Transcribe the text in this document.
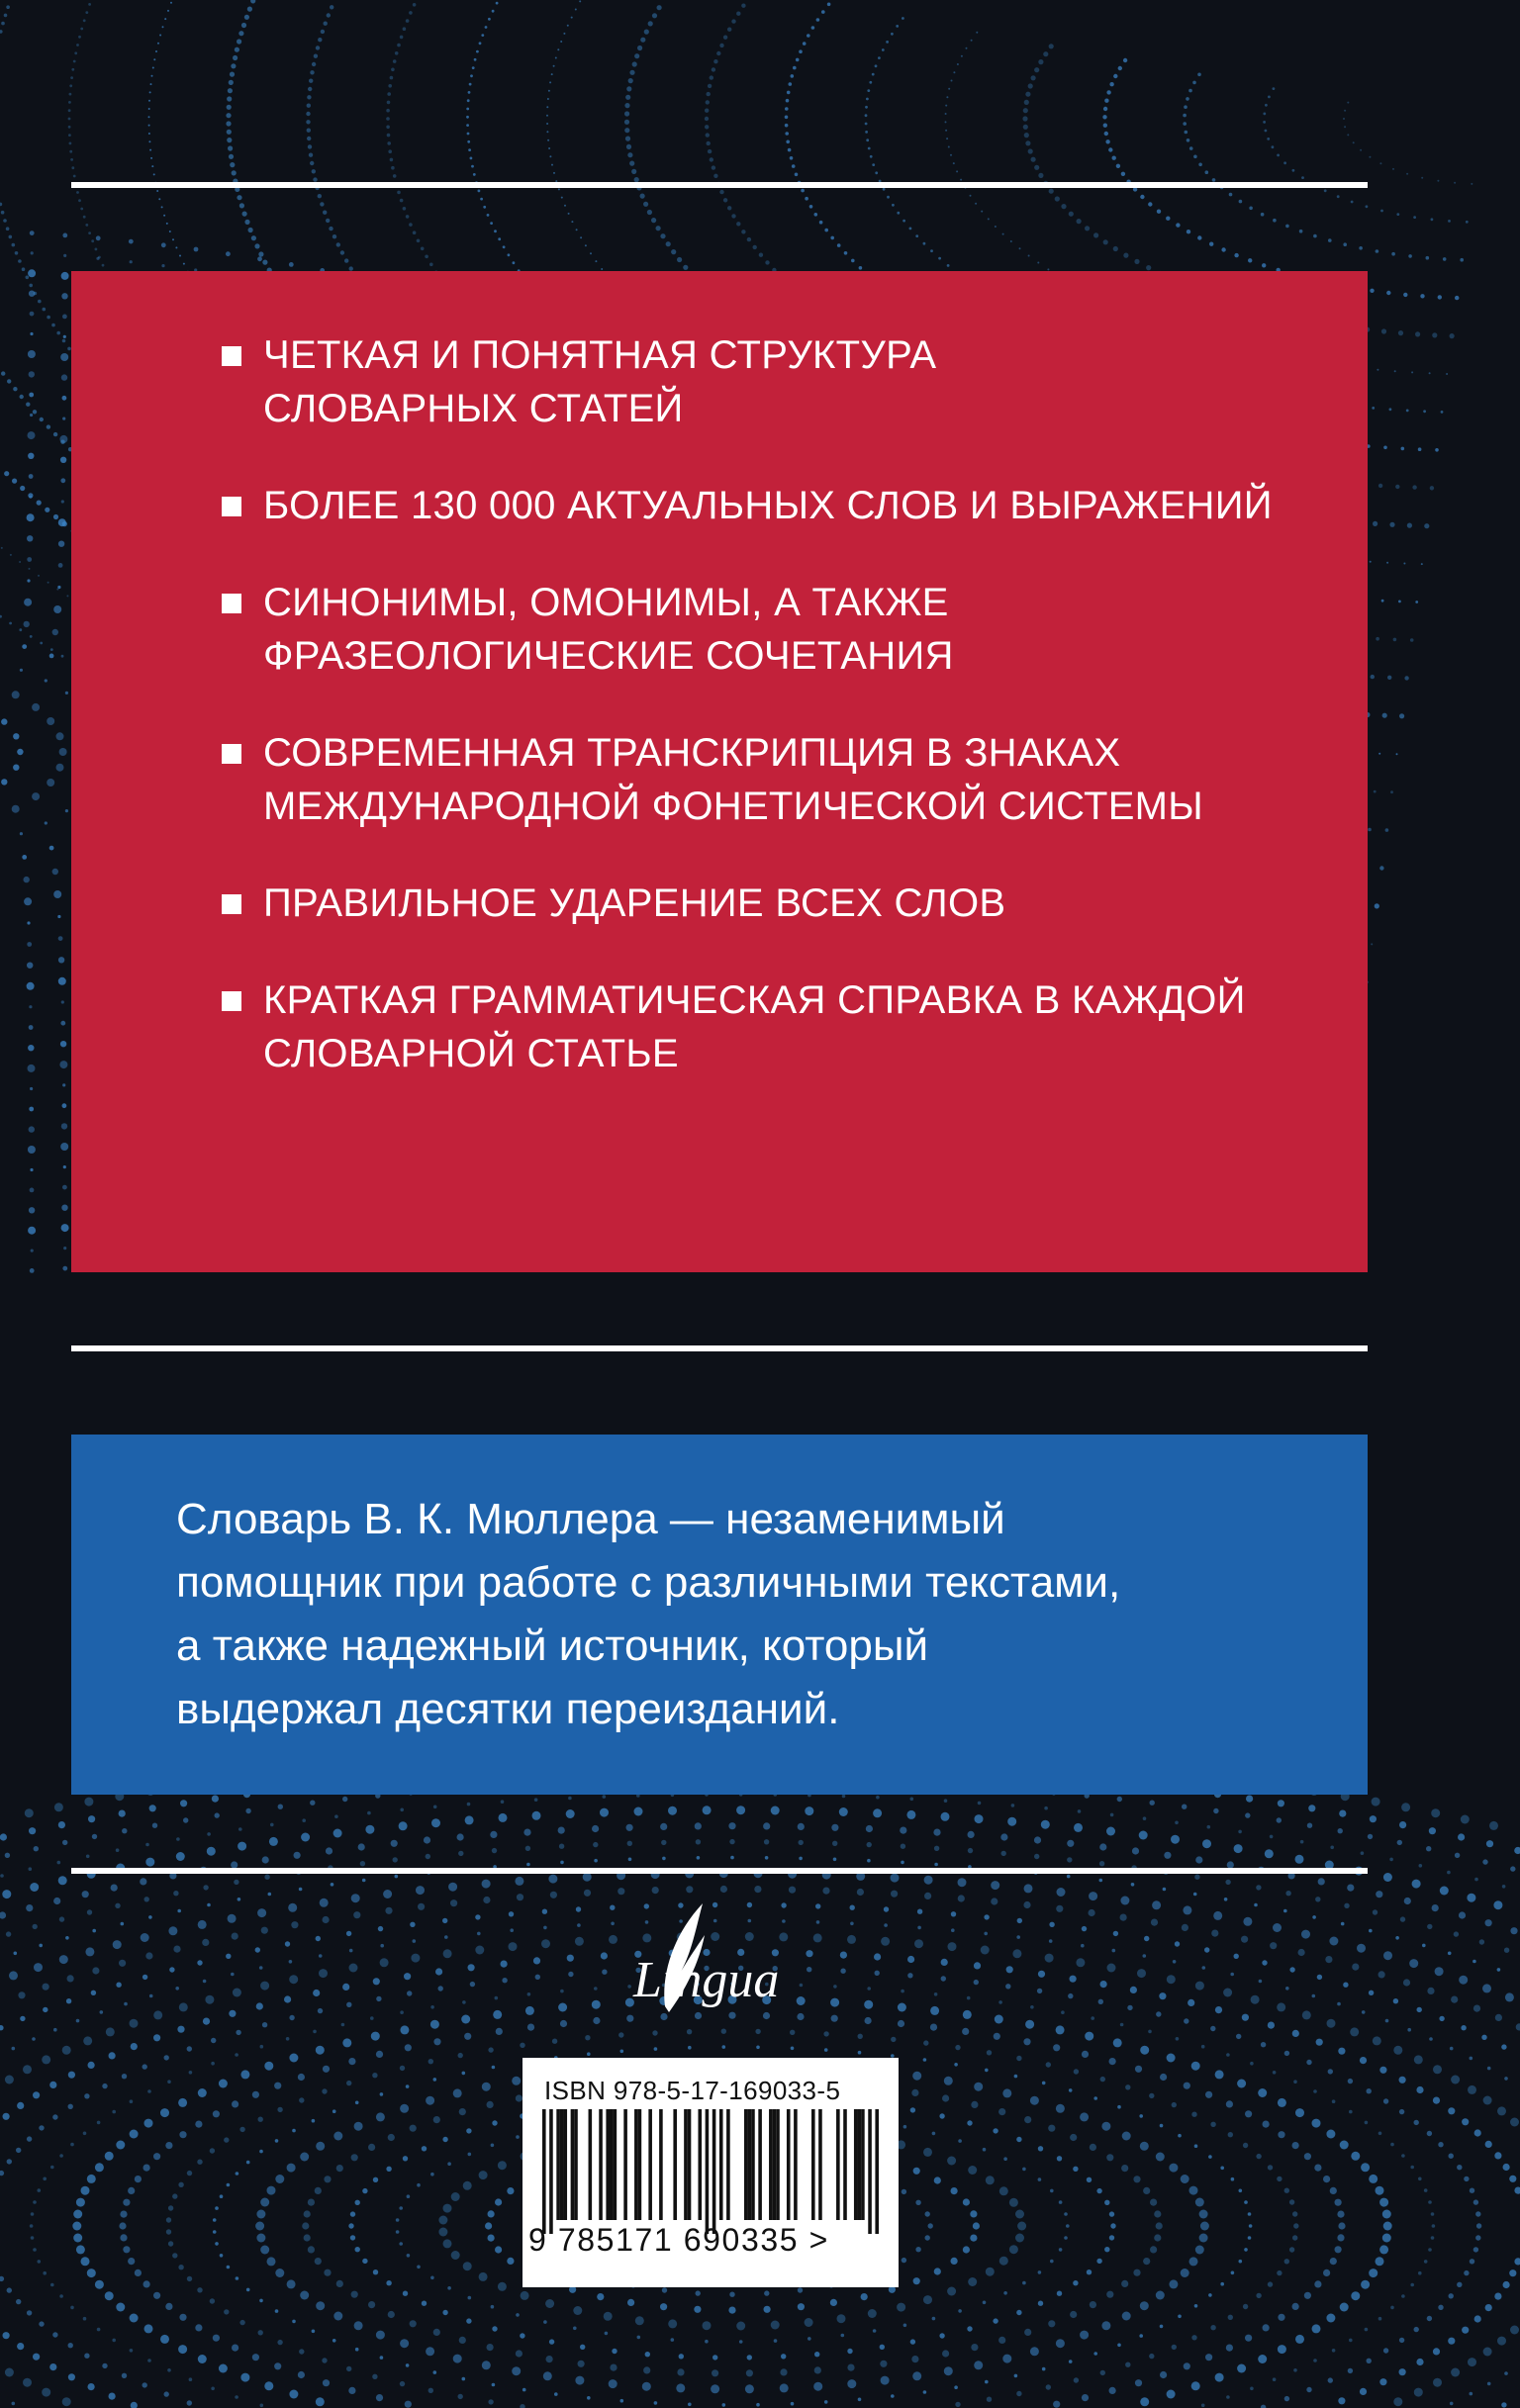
ЧЕТКАЯ И ПОНЯТНАЯ СТРУКТУРА
СЛОВАРНЫХ СТАТЕЙ
БОЛЕЕ 130 000 АКТУАЛЬНЫХ СЛОВ И ВЫРАЖЕНИЙ
СИНОНИМЫ, ОМОНИМЫ, А ТАКЖЕ
ФРАЗЕОЛОГИЧЕСКИЕ СОЧЕТАНИЯ
СОВРЕМЕННАЯ ТРАНСКРИПЦИЯ В ЗНАКАХ
МЕЖДУНАРОДНОЙ ФОНЕТИЧЕСКОЙ СИСТЕМЫ
ПРАВИЛЬНОЕ УДАРЕНИЕ ВСЕХ СЛОВ
КРАТКАЯ ГРАММАТИЧЕСКАЯ СПРАВКА В КАЖДОЙ
СЛОВАРНОЙ СТАТЬЕ
Словарь В. К. Мюллера — незаменимый
помощник при работе с различными текстами,
а также надежный источник, который
выдержал десятки переизданий.
Lingua
ISBN 978-5-17-169033-5
9 785171 690335 >
